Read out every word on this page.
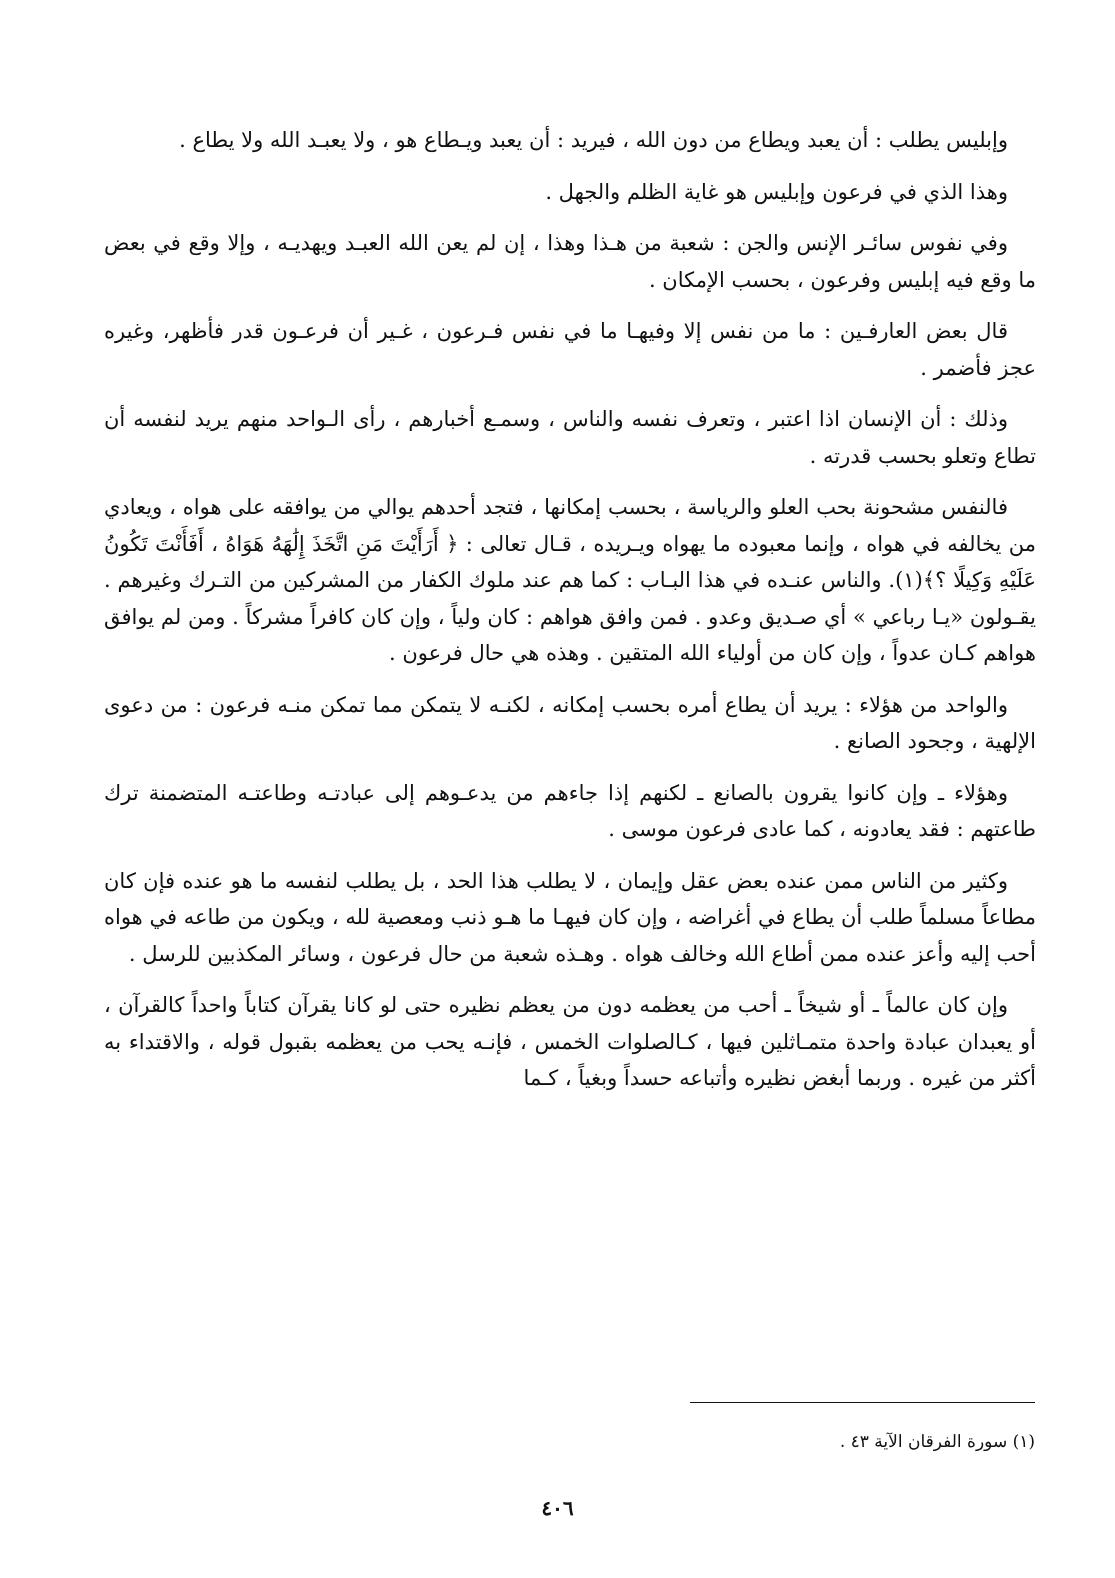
وإبليس يطلب : أن يعبد ويطاع من دون الله ، فيريد : أن يعبد ويـطاع هو ، ولا يعبـد الله ولا يطاع .

وهذا الذي في فرعون وإبليس هو غاية الظلم والجهل .

وفي نفوس سائـر الإنس والجن : شعبة من هـذا وهذا ، إن لم يعن الله العبـد ويهديـه ، وإلا وقع في بعض ما وقع فيه إبليس وفرعون ، بحسب الإمكان .

قال بعض العارفـين : ما من نفس إلا وفيهـا ما في نفس فـرعون ، غـير أن فرعـون قدر فأظهر، وغيره عجز فأضمر .

وذلك : أن الإنسان اذا اعتبر ، وتعرف نفسه والناس ، وسمـع أخبارهم ، رأى الـواحد منهم يريد لنفسه أن تطاع وتعلو بحسب قدرته .

فالنفس مشحونة بحب العلو والرياسة ، بحسب إمكانها ، فتجد أحدهم يوالي من يوافقه على هواه ، ويعادي من يخالفه في هواه ، وإنما معبوده ما يهواه ويـريده ، قـال تعالى : ﴿ أَرَأَيْتَ مَنِ اتَّخَذَ إِلَٰهَهُ هَوَاهُ ، أَفَأَنْتَ تَكُونُ عَلَيْهِ وَكِيلًا ؟﴾(١). والناس عنـده في هذا البـاب : كما هم عند ملوك الكفار من المشركين من التـرك وغيرهم . يقـولون «يـا رباعي » أي صـديق وعدو . فمن وافق هواهم : كان ولياً ، وإن كان كافراً مشركاً . ومن لم يوافق هواهم كـان عدواً ، وإن كان من أولياء الله المتقين . وهذه هي حال فرعون .

والواحد من هؤلاء : يريد أن يطاع أمره بحسب إمكانه ، لكنـه لا يتمكن مما تمكن منـه فرعون : من دعوى الإلهية ، وجحود الصانع .

وهؤلاء ـ وإن كانوا يقرون بالصانع ـ لكنهم إذا جاءهم من يدعـوهم إلى عبادتـه وطاعتـه المتضمنة ترك طاعتهم : فقد يعادونه ، كما عادى فرعون موسى .

وكثير من الناس ممن عنده بعض عقل وإيمان ، لا يطلب هذا الحد ، بل يطلب لنفسه ما هو عنده فإن كان مطاعاً مسلماً طلب أن يطاع في أغراضه ، وإن كان فيهـا ما هـو ذنب ومعصية لله ، ويكون من طاعه في هواه أحب إليه وأعز عنده ممن أطاع الله وخالف هواه . وهـذه شعبة من حال فرعون ، وسائر المكذبين للرسل .

وإن كان عالماً ـ أو شيخاً ـ أحب من يعظمه دون من يعظم نظيره حتى لو كانا يقرآن كتاباً واحداً كالقرآن ، أو يعبدان عبادة واحدة متمـاثلين فيها ، كـالصلوات الخمس ، فإنـه يحب من يعظمه بقبول قوله ، والاقتداء به أكثر من غيره . وربما أبغض نظيره وأتباعه حسداً وبغياً ، كـما

(١) سورة الفرقان الآية ٤٣ .
٤٠٦
